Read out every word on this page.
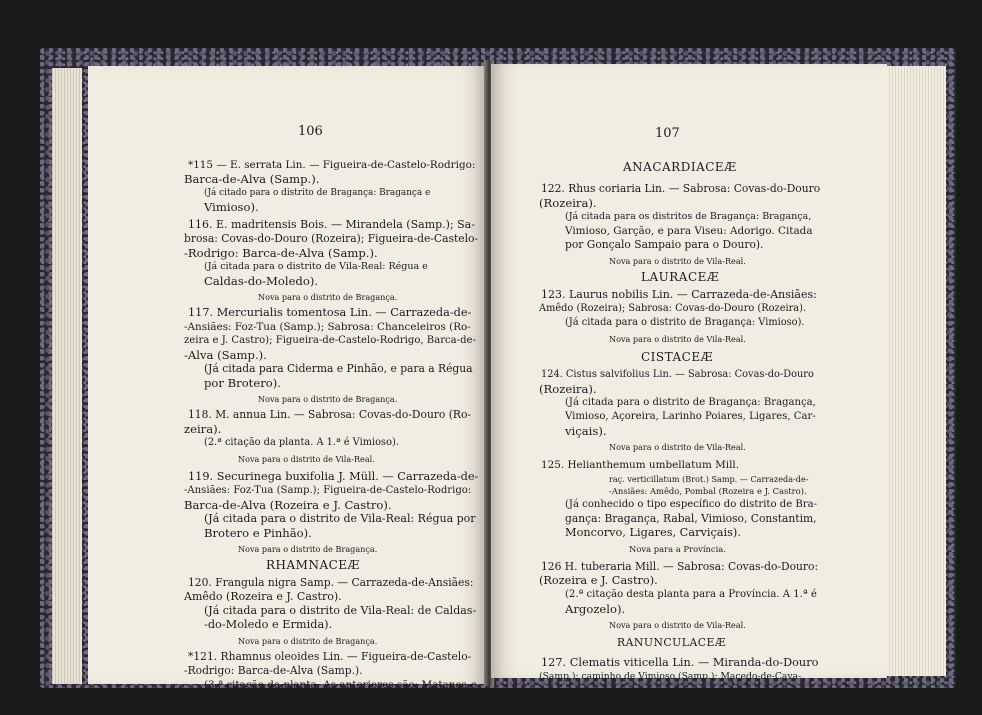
106
*115 — E. serrata Lin. — Figueira-de-Castelo-Rodrigo:
Barca-de-Alva (Samp.).
(Já citado para o distrito de Bragança: Bragança e
Vimioso).
116. E. madritensis Bois. — Mirandela (Samp.); Sa-
brosa: Covas-do-Douro (Rozeira); Figueira-de-Castelo-
-Rodrigo: Barca-de-Alva (Samp.).
(Já citada para o distrito de Vila-Real: Régua e
Caldas-do-Moledo).
Nova para o distrito de Bragança.
117. Mercurialis tomentosa Lin. — Carrazeda-de-
-Ansiães: Foz-Tua (Samp.); Sabrosa: Chanceleiros (Ro-
zeira e J. Castro); Figueira-de-Castelo-Rodrigo, Barca-de-
-Alva (Samp.).
(Já citada para Ciderma e Pinhão, e para a Régua
por Brotero).
Nova para o distrito de Bragança.
118. M. annua Lin. — Sabrosa: Covas-do-Douro (Ro-
zeira).
(2.ª citação da planta. A 1.ª é Vimioso).
Nova para o distrito de Vila-Real.
119. Securinega buxifolia J. Müll. — Carrazeda-de-
-Ansiães: Foz-Tua (Samp.); Figueira-de-Castelo-Rodrigo:
Barca-de-Alva (Rozeira e J. Castro).
(Já citada para o distrito de Vila-Real: Régua por
Brotero e Pinhão).
Nova para o distrito de Bragança.
RHAMNACEÆ
120. Frangula nigra Samp. — Carrazeda-de-Ansiães:
Amêdo (Rozeira e J. Castro).
(Já citada para o distrito de Vila-Real: de Caldas-
-do-Moledo e Ermida).
Nova para o distrito de Bragança.
*121. Rhamnus oleoides Lin. — Figueira-de-Castelo-
-Rodrigo: Barca-de-Alva (Samp.).
(3.ª citação da planta. As anteriores são: Matança e
Pinhão).
107
ANACARDIACEÆ
122. Rhus coriaria Lin. — Sabrosa: Covas-do-Douro
(Rozeira).
(Já citada para os distritos de Bragança: Bragança,
Vimioso, Garção, e para Viseu: Adorigo. Citada
por Gonçalo Sampaio para o Douro).
Nova para o distrito de Vila-Real.
LAURACEÆ
123. Laurus nobilis Lin. — Carrazeda-de-Ansiães:
Amêdo (Rozeira); Sabrosa: Covas-do-Douro (Rozeira).
(Já citada para o distrito de Bragança: Vimioso).
Nova para o distrito de Vila-Real.
CISTACEÆ
124. Cistus salvifolius Lin. — Sabrosa: Covas-do-Douro
(Rozeira).
(Já citada para o distrito de Bragança: Bragança,
Vimioso, Açoreira, Larinho Poiares, Ligares, Car-
viçais).
Nova para o distrito de Vila-Real.
125. Helianthemum umbellatum Mill.
raç. verticillatum (Brot.) Samp. — Carrazeda-de-
-Ansiães: Amêdo, Pombal (Rozeira e J. Castro).
(Já conhecido o tipo específico do distrito de Bra-
gança: Bragança, Rabal, Vimioso, Constantim,
Moncorvo, Ligares, Carviçais).
Nova para a Província.
126 H. tuberaria Mill. — Sabrosa: Covas-do-Douro:
(Rozeira e J. Castro).
(2.ª citação desta planta para a Província. A 1.ª é
Argozelo).
Nova para o distrito de Vila-Real.
RANUNCULACEÆ
127. Clematis viticella Lin. — Miranda-do-Douro
(Samp.); caminho de Vimioso (Samp.); Macedo-de-Cava-
